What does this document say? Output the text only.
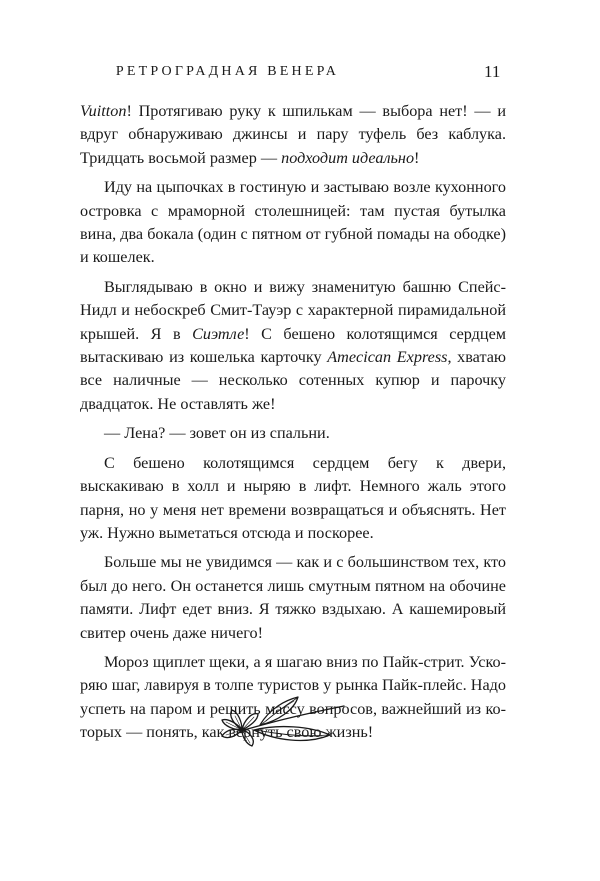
РЕТРОГРАДНАЯ ВЕНЕРА	11

Vuitton! Протягиваю руку к шпилькам — выбора нет! — и вдруг обнаруживаю джинсы и пару туфель без каблука. Тридцать восьмой размер — подходит идеально!

Иду на цыпочках в гостиную и застываю возле кухонного островка с мраморной столешницей: там пустая бутылка вина, два бокала (один с пятном от губной помады на ободке) и кошелек.

Выглядываю в окно и вижу знаменитую башню Спейс-Нидл и небоскреб Смит-Тауэр с характерной пирамидальной крышей. Я в Сиэтле! С бешено колотящимся сердцем вытаскиваю из кошелька карточку Amecican Express, хватаю все наличные — несколько сотенных купюр и парочку двадцаток. Не оставлять же!

— Лена? — зовет он из спальни.

С бешено колотящимся сердцем бегу к двери, выскакиваю в холл и ныряю в лифт. Немного жаль этого парня, но у меня нет времени возвращаться и объяснять. Нет уж. Нужно выметаться отсюда и поскорее.

Больше мы не увидимся — как и с большинством тех, кто был до него. Он останется лишь смутным пятном на обочине памяти. Лифт едет вниз. Я тяжко вздыхаю. А кашемировый свитер очень даже ничего!

Мороз щиплет щеки, а я шагаю вниз по Пайк-стрит. Ускоряю шаг, лавируя в толпе туристов у рынка Пайк-плейс. Надо успеть на паром и решить массу вопросов, важнейший из которых — понять, как вернуть свою жизнь!
